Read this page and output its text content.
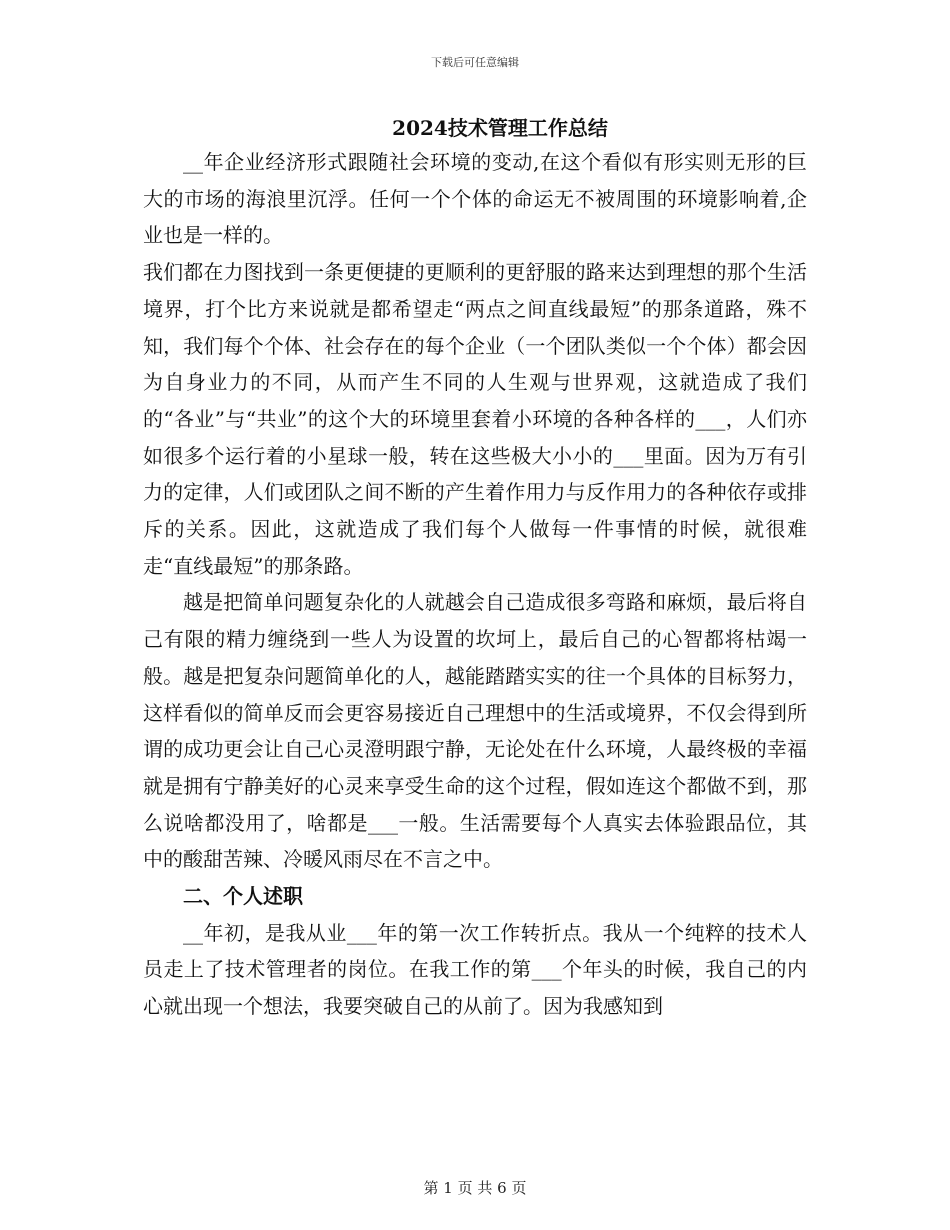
下载后可任意编辑
2024技术管理工作总结

__年企业经济形式跟随社会环境的变动,在这个看似有形实则无形的巨大的市场的海浪里沉浮。任何一个个体的命运无不被周围的环境影响着,企业也是一样的。

我们都在力图找到一条更便捷的更顺利的更舒服的路来达到理想的那个生活境界，打个比方来说就是都希望走“两点之间直线最短”的那条道路，殊不知，我们每个个体、社会存在的每个企业（一个团队类似一个个体）都会因为自身业力的不同，从而产生不同的人生观与世界观，这就造成了我们的“各业”与“共业”的这个大的环境里套着小环境的各种各样的___，人们亦如很多个运行着的小星球一般，转在这些极大小小的___里面。因为万有引力的定律，人们或团队之间不断的产生着作用力与反作用力的各种依存或排斥的关系。因此，这就造成了我们每个人做每一件事情的时候，就很难走“直线最短”的那条路。

越是把简单问题复杂化的人就越会自己造成很多弯路和麻烦，最后将自己有限的精力缠绕到一些人为设置的坎坷上，最后自己的心智都将枯竭一般。越是把复杂问题简单化的人，越能踏踏实实的往一个具体的目标努力，这样看似的简单反而会更容易接近自己理想中的生活或境界，不仅会得到所谓的成功更会让自己心灵澄明跟宁静，无论处在什么环境，人最终极的幸福就是拥有宁静美好的心灵来享受生命的这个过程，假如连这个都做不到，那么说啥都没用了，啥都是___一般。生活需要每个人真实去体验跟品位，其中的酸甜苦辣、冷暖风雨尽在不言之中。

二、个人述职

__年初，是我从业___年的第一次工作转折点。我从一个纯粹的技术人员走上了技术管理者的岗位。在我工作的第___个年头的时候，我自己的内心就出现一个想法，我要突破自己的从前了。因为我感知到

第 1 页 共 6 页
